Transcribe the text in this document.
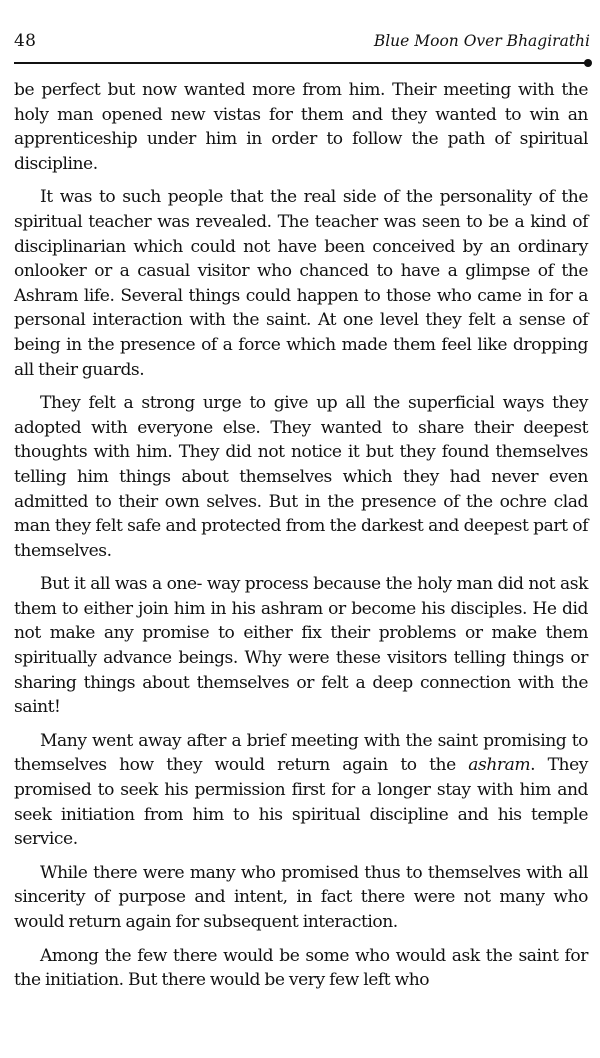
48	Blue Moon Over Bhagirathi

be perfect but now wanted more from him. Their meeting with the holy man opened new vistas for them and they wanted to win an apprenticeship under him in order to follow the path of spiritual discipline.

It was to such people that the real side of the personality of the spiritual teacher was revealed. The teacher was seen to be a kind of disciplinarian which could not have been conceived by an ordinary onlooker or a casual visitor who chanced to have a glimpse of the Ashram life. Several things could happen to those who came in for a personal interaction with the saint. At one level they felt a sense of being in the presence of a force which made them feel like dropping all their guards.

They felt a strong urge to give up all the superficial ways they adopted with everyone else. They wanted to share their deepest thoughts with him. They did not notice it but they found themselves telling him things about themselves which they had never even admitted to their own selves. But in the presence of the ochre clad man they felt safe and protected from the darkest and deepest part of themselves.

But it all was a one- way process because the holy man did not ask them to either join him in his ashram or become his disciples. He did not make any promise to either fix their problems or make them spiritually advance beings. Why were these visitors telling things or sharing things about themselves or felt a deep connection with the saint!

Many went away after a brief meeting with the saint promising to themselves how they would return again to the ashram. They promised to seek his permission first for a longer stay with him and seek initiation from him to his spiritual discipline and his temple service.

While there were many who promised thus to themselves with all sincerity of purpose and intent, in fact there were not many who would return again for subsequent interaction.

Among the few there would be some who would ask the saint for the initiation. But there would be very few left who
